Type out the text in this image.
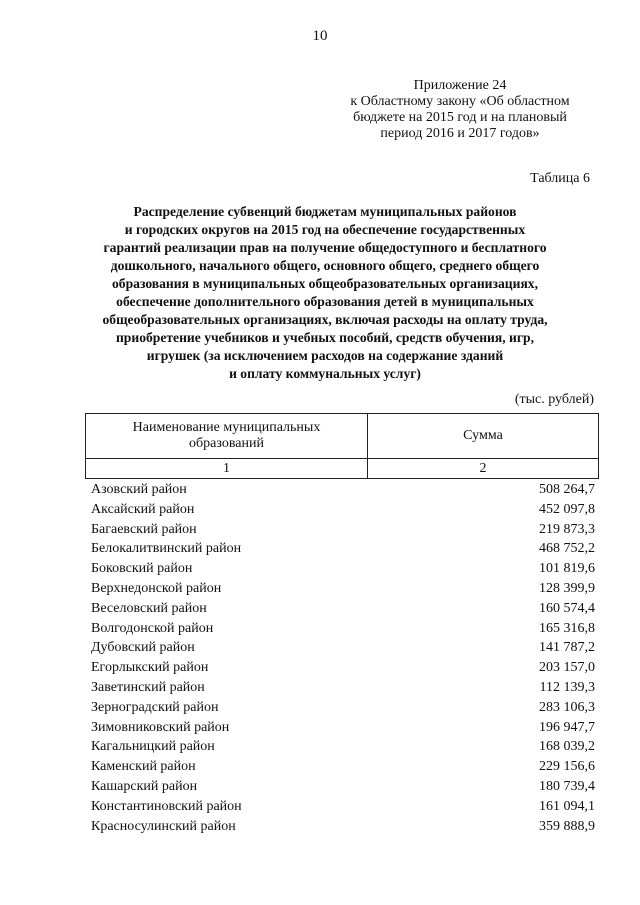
10
Приложение 24
к Областному закону «Об областном
бюджете на 2015 год и на плановый
период 2016 и 2017 годов»
Таблица 6
Распределение субвенций бюджетам муниципальных районов
и городских округов на 2015 год на обеспечение государственных
гарантий реализации прав на получение общедоступного и бесплатного
дошкольного, начального общего, основного общего, среднего общего
образования в муниципальных общеобразовательных организациях,
обеспечение дополнительного образования детей в муниципальных
общеобразовательных организациях, включая расходы на оплату труда,
приобретение учебников и учебных пособий, средств обучения, игр,
игрушек (за исключением расходов на содержание зданий
и оплату коммунальных услуг)
(тыс. рублей)
Наименование муниципальных
образований	Сумма
1	2
Азовский район	508 264,7
Аксайский район	452 097,8
Багаевский район	219 873,3
Белокалитвинский район	468 752,2
Боковский район	101 819,6
Верхнедонской район	128 399,9
Веселовский район	160 574,4
Волгодонской район	165 316,8
Дубовский район	141 787,2
Егорлыкский район	203 157,0
Заветинский район	112 139,3
Зерноградский район	283 106,3
Зимовниковский район	196 947,7
Кагальницкий район	168 039,2
Каменский район	229 156,6
Кашарский район	180 739,4
Константиновский район	161 094,1
Красносулинский район	359 888,9
